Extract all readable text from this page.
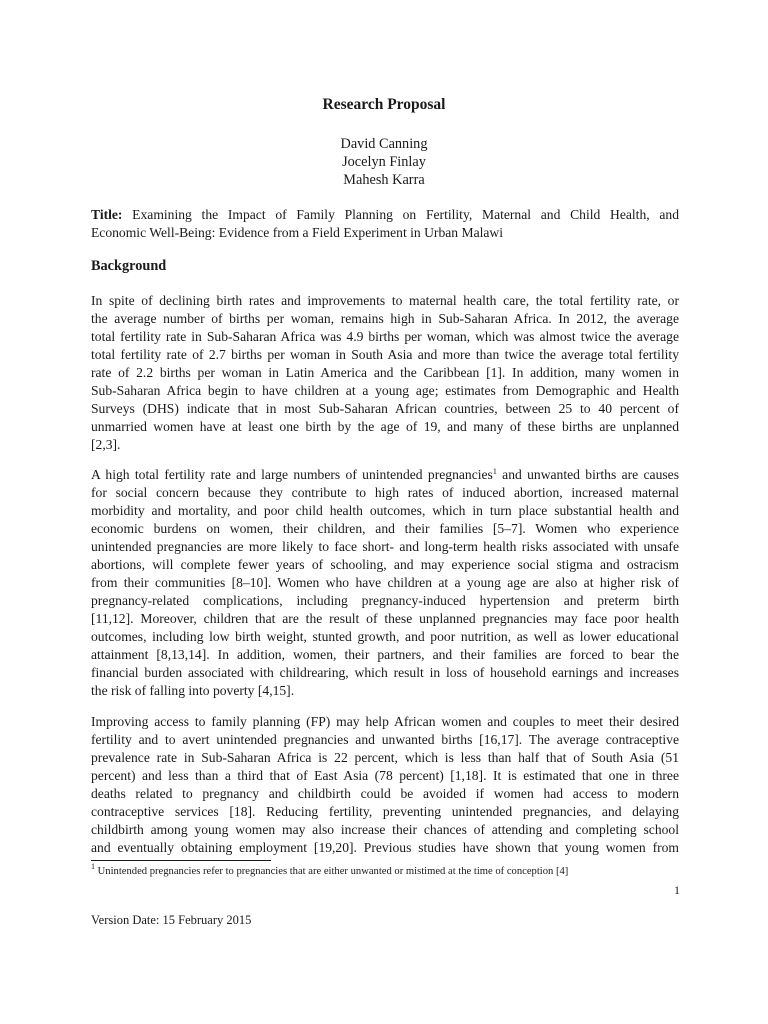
Research Proposal
David Canning
Jocelyn Finlay
Mahesh Karra
Title: Examining the Impact of Family Planning on Fertility, Maternal and Child Health, and
Economic Well-Being: Evidence from a Field Experiment in Urban Malawi
Background
In spite of declining birth rates and improvements to maternal health care, the total fertility rate, or
the average number of births per woman, remains high in Sub-Saharan Africa. In 2012, the average
total fertility rate in Sub-Saharan Africa was 4.9 births per woman, which was almost twice the average
total fertility rate of 2.7 births per woman in South Asia and more than twice the average total fertility
rate of 2.2 births per woman in Latin America and the Caribbean [1]. In addition, many women in
Sub-Saharan Africa begin to have children at a young age; estimates from Demographic and Health
Surveys (DHS) indicate that in most Sub-Saharan African countries, between 25 to 40 percent of
unmarried women have at least one birth by the age of 19, and many of these births are unplanned
[2,3].
A high total fertility rate and large numbers of unintended pregnancies$^1$ and unwanted births are causes
for social concern because they contribute to high rates of induced abortion, increased maternal
morbidity and mortality, and poor child health outcomes, which in turn place substantial health and
economic burdens on women, their children, and their families [5–7]. Women who experience
unintended pregnancies are more likely to face short- and long-term health risks associated with unsafe
abortions, will complete fewer years of schooling, and may experience social stigma and ostracism
from their communities [8–10]. Women who have children at a young age are also at higher risk of
pregnancy-related complications, including pregnancy-induced hypertension and preterm birth
[11,12]. Moreover, children that are the result of these unplanned pregnancies may face poor health
outcomes, including low birth weight, stunted growth, and poor nutrition, as well as lower educational
attainment [8,13,14]. In addition, women, their partners, and their families are forced to bear the
financial burden associated with childrearing, which result in loss of household earnings and increases
the risk of falling into poverty [4,15].
Improving access to family planning (FP) may help African women and couples to meet their desired
fertility and to avert unintended pregnancies and unwanted births [16,17]. The average contraceptive
prevalence rate in Sub-Saharan Africa is 22 percent, which is less than half that of South Asia (51
percent) and less than a third that of East Asia (78 percent) [1,18]. It is estimated that one in three
deaths related to pregnancy and childbirth could be avoided if women had access to modern
contraceptive services [18]. Reducing fertility, preventing unintended pregnancies, and delaying
childbirth among young women may also increase their chances of attending and completing school
and eventually obtaining employment [19,20]. Previous studies have shown that young women from
$^1$ Unintended pregnancies refer to pregnancies that are either unwanted or mistimed at the time of conception [4]
1
Version Date: 15 February 2015
